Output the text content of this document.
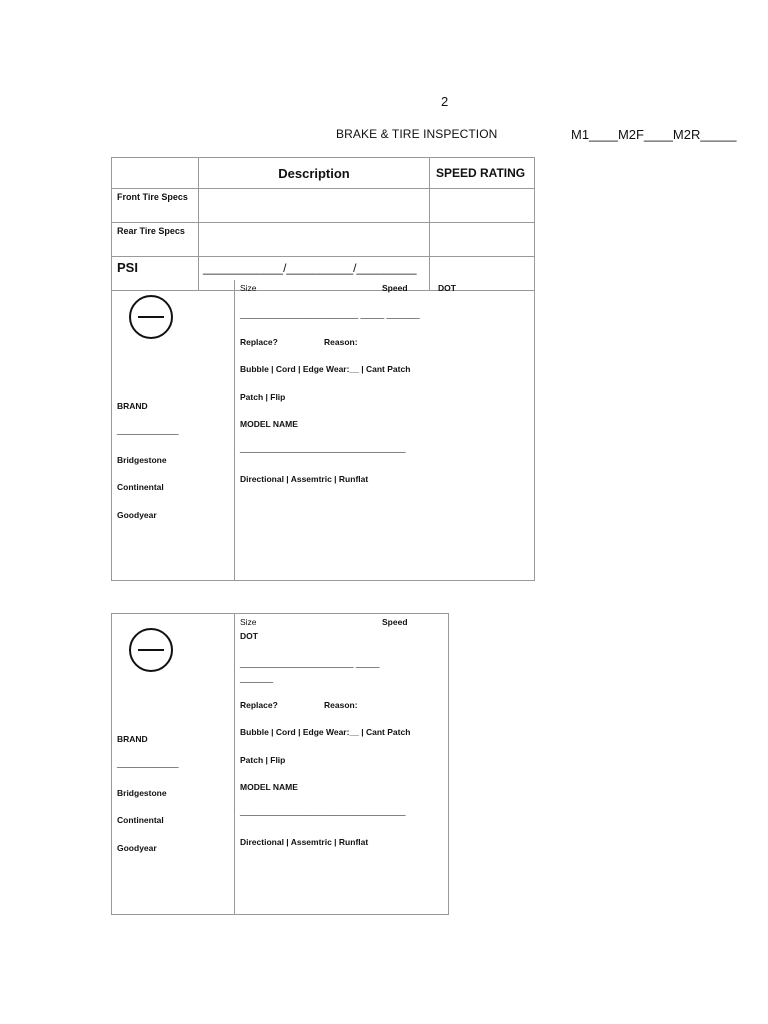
2
BRAKE & TIRE INSPECTION	M1____M2F____M2R_____
	Description	SPEED RATING
Front Tire Specs		
Rear Tire Specs		
PSI	____________/__________/_________	
Size	Speed	DOT
_________________________ _____ _______
Replace?	Reason:
Bubble | Cord | Edge Wear:__ | Cant Patch
Patch | Flip
MODEL NAME
___________________________________
Directional | Assemtric | Runflat
BRAND
_____________
Bridgestone
Continental
Goodyear
Size	Speed
DOT
________________________ _____
_______
Replace?	Reason:
Bubble | Cord | Edge Wear:__ | Cant Patch
Patch | Flip
MODEL NAME
___________________________________
Directional | Assemtric | Runflat
BRAND
_____________
Bridgestone
Continental
Goodyear
